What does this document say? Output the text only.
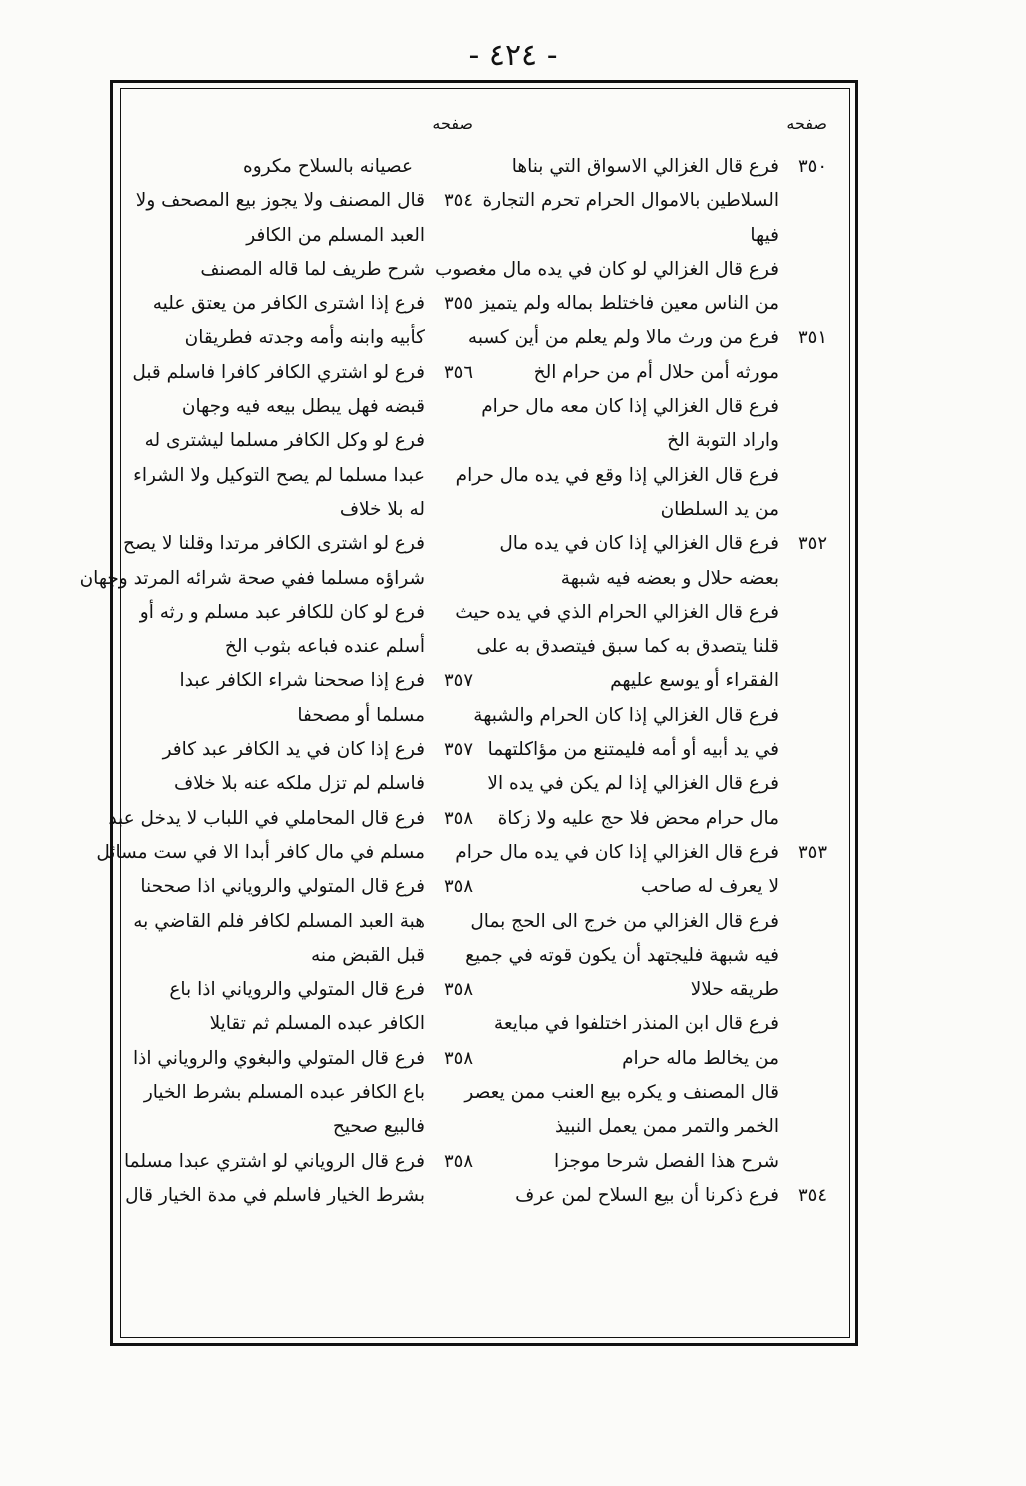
- ٤٢٤ -
صفحه
٣٥٠
فرع قال الغزالي الاسواق التي بناها
السلاطين بالاموال الحرام تحرم التجارة
فيها
فرع قال الغزالي لو كان في يده مال مغصوب
من الناس معين فاختلط بماله ولم يتميز
٣٥١
فرع من ورث مالا ولم يعلم من أين كسبه
مورثه أمن حلال أم من حرام الخ
فرع قال الغزالي إذا كان معه مال حرام
واراد التوبة الخ
فرع قال الغزالي إذا وقع في يده مال حرام
من يد السلطان
٣٥٢
فرع قال الغزالي إذا كان في يده مال
بعضه حلال و بعضه فيه شبهة
فرع قال الغزالي الحرام الذي في يده حيث
قلنا يتصدق به كما سبق فيتصدق به على
الفقراء أو يوسع عليهم
فرع قال الغزالي إذا كان الحرام والشبهة
في يد أبيه أو أمه فليمتنع من مؤاكلتهما
فرع قال الغزالي إذا لم يكن في يده الا
مال حرام محض فلا حج عليه ولا زكاة
٣٥٣
فرع قال الغزالي إذا كان في يده مال حرام
لا يعرف له صاحب
فرع قال الغزالي من خرج الى الحج بمال
فيه شبهة فليجتهد أن يكون قوته في جميع
طريقه حلالا
فرع قال ابن المنذر اختلفوا في مبايعة
من يخالط ماله حرام
قال المصنف و يكره بيع العنب ممن يعصر
الخمر والتمر ممن يعمل النبيذ
شرح هذا الفصل شرحا موجزا
٣٥٤
فرع ذكرنا أن بيع السلاح لمن عرف
صفحه
عصيانه بالسلاح مكروه
٣٥٤
قال المصنف ولا يجوز بيع المصحف ولا
العبد المسلم من الكافر
شرح طريف لما قاله المصنف
٣٥٥
فرع إذا اشترى الكافر من يعتق عليه
كأبيه وابنه وأمه وجدته فطريقان
٣٥٦
فرع لو اشتري الكافر كافرا فاسلم قبل
قبضه فهل يبطل بيعه فيه وجهان
فرع لو وكل الكافر مسلما ليشترى له
عبدا مسلما لم يصح التوكيل ولا الشراء
له بلا خلاف
فرع لو اشترى الكافر مرتدا وقلنا لا يصح
شراؤه مسلما ففي صحة شرائه المرتد وجهان
فرع لو كان للكافر عبد مسلم و رثه أو
أسلم عنده فباعه بثوب الخ
٣٥٧
فرع إذا صححنا شراء الكافر عبدا
مسلما أو مصحفا
٣٥٧
فرع إذا كان في يد الكافر عبد كافر
فاسلم لم تزل ملكه عنه بلا خلاف
٣٥٨
فرع قال المحاملي في اللباب لا يدخل عبد
مسلم في مال كافر أبدا الا في ست مسائل
٣٥٨
فرع قال المتولي والروياني اذا صححنا
هبة العبد المسلم لكافر فلم القاضي به
قبل القبض منه
٣٥٨
فرع قال المتولي والروياني اذا باع
الكافر عبده المسلم ثم تقايلا
٣٥٨
فرع قال المتولي والبغوي والروياني اذا
باع الكافر عبده المسلم بشرط الخيار
فالبيع صحيح
٣٥٨
فرع قال الروياني لو اشتري عبدا مسلما
بشرط الخيار فاسلم في مدة الخيار قال
